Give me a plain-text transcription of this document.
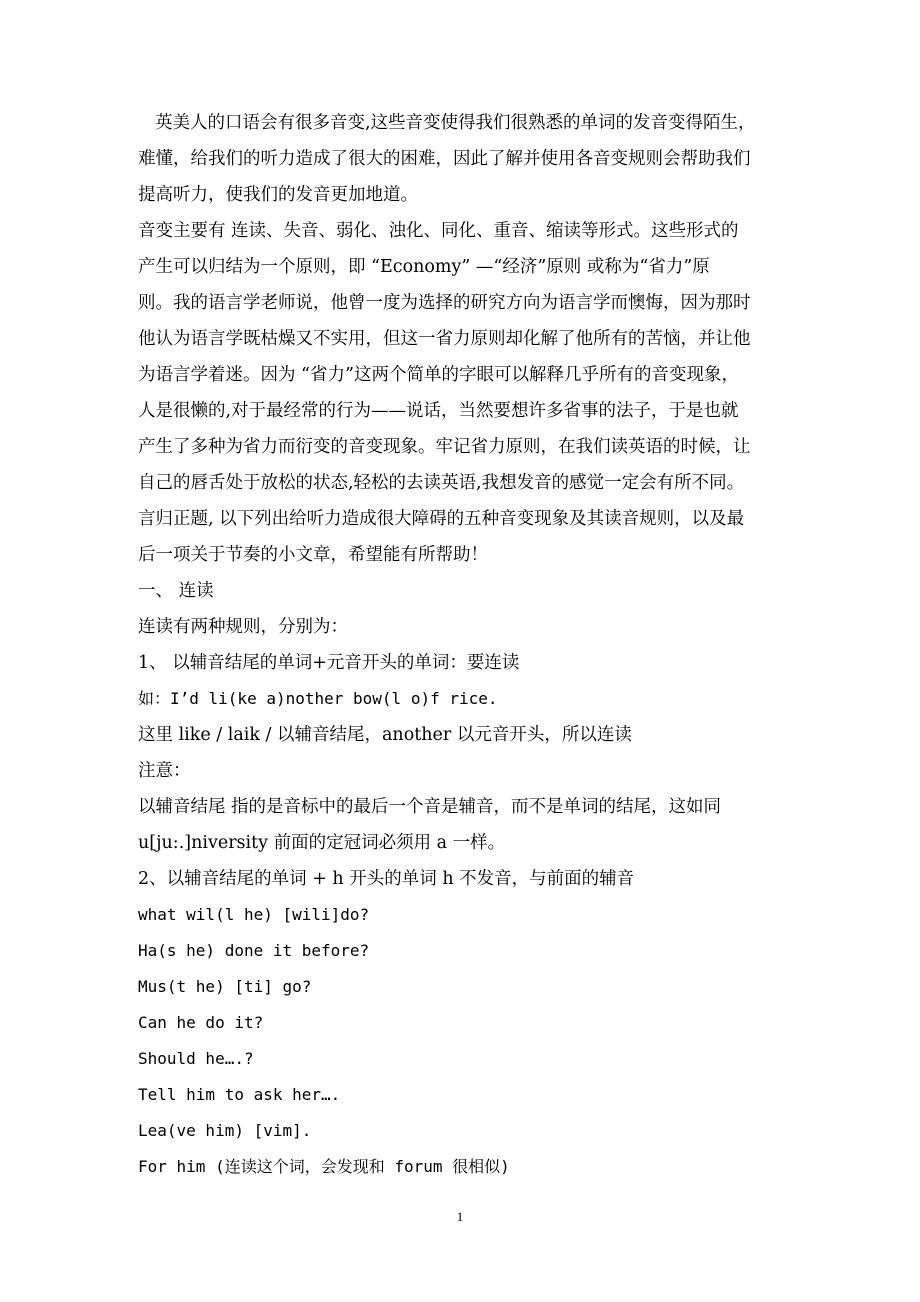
英美人的口语会有很多音变,这些音变使得我们很熟悉的单词的发音变得陌生，
难懂，给我们的听力造成了很大的困难，因此了解并使用各音变规则会帮助我们
提高听力，使我们的发音更加地道。
音变主要有 连读、失音、弱化、浊化、同化、重音、缩读等形式。这些形式的
产生可以归结为一个原则，即 “Economy” —“经济”原则 或称为“省力”原
则。我的语言学老师说，他曾一度为选择的研究方向为语言学而懊悔，因为那时
他认为语言学既枯燥又不实用，但这一省力原则却化解了他所有的苦恼，并让他
为语言学着迷。因为 “省力”这两个简单的字眼可以解释几乎所有的音变现象，
人是很懒的,对于最经常的行为——说话，当然要想许多省事的法子，于是也就
产生了多种为省力而衍变的音变现象。牢记省力原则，在我们读英语的时候，让
自己的唇舌处于放松的状态,轻松的去读英语,我想发音的感觉一定会有所不同。
言归正题, 以下列出给听力造成很大障碍的五种音变现象及其读音规则，以及最
后一项关于节奏的小文章，希望能有所帮助！
一、 连读
连读有两种规则，分别为：
1、 以辅音结尾的单词+元音开头的单词：要连读
如：I’d li(ke a)nother bow(l o)f rice.
这里 like / laik / 以辅音结尾，another 以元音开头，所以连读
注意：
以辅音结尾 指的是音标中的最后一个音是辅音，而不是单词的结尾，这如同
u[ju:.]niversity 前面的定冠词必须用 a 一样。
2、以辅音结尾的单词 + h 开头的单词 h 不发音，与前面的辅音
what wil(l he) [wili]do?
Ha(s he) done it before?
Mus(t he) [ti] go?
Can he do it?
Should he….?
Tell him to ask her….
Lea(ve him) [vim].
For him (连读这个词，会发现和 forum 很相似)
1
